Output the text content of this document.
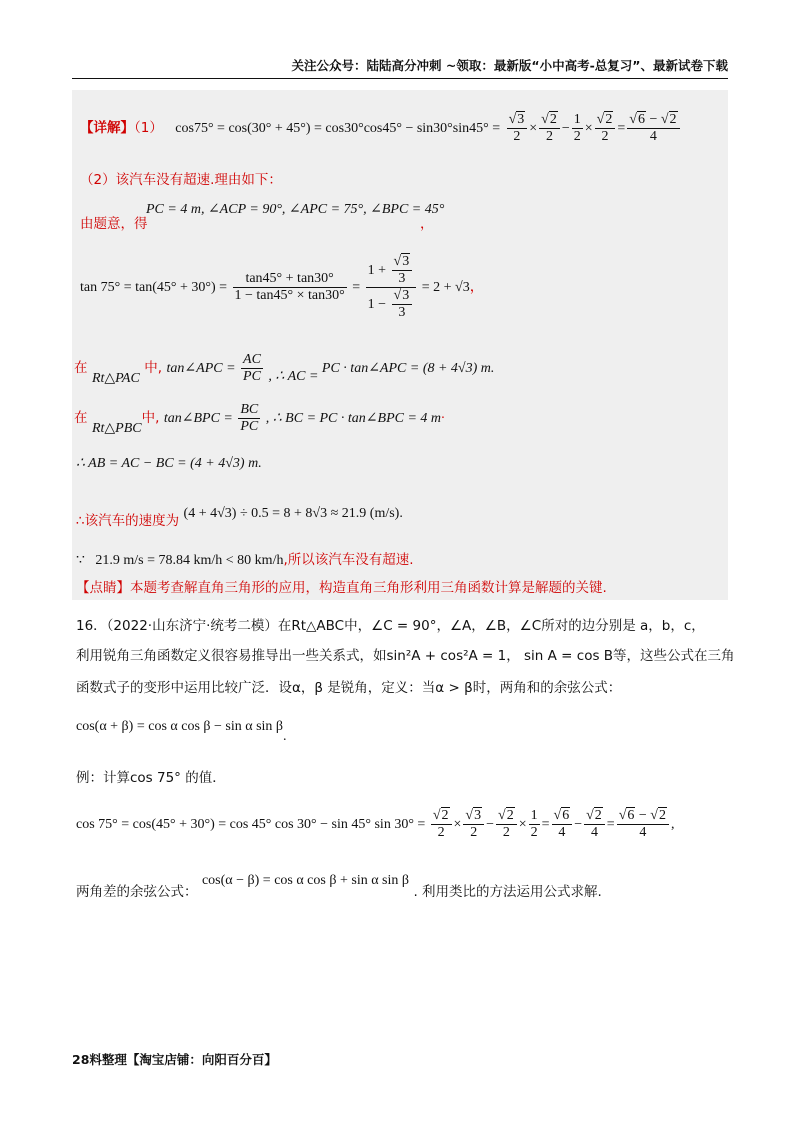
关注公众号：陆陆高分冲刺 ~领取：最新版“小中高考-总复习”、最新试卷下载
【详解】（1） $\cos 75^\circ = \cos(30^\circ + 45^\circ) = \cos 30^\circ\cos 45^\circ - \sin 30^\circ\sin 45^\circ = \frac{√3}{2} \times \frac{√2}{2} - \frac{1}{2} \times \frac{√2}{2} = \frac{√6 - √2}{4}$
（2）该汽车没有超速.理由如下：
PC = 4 m, ∠ACP = 90°, ∠APC = 75°, ∠BPC = 45°
由题意，得	，
$\tan 75^\circ = \tan(45^\circ + 30^\circ) = \frac{\tan 45^\circ + \tan 30^\circ}{1 - \tan 45^\circ \times \tan 30^\circ} = \frac{1 + \frac{√3}{3}}{1 - \frac{√3}{3}} = 2 + √3$，
在 Rt△PAC 中, tan∠APC = $\frac{AC}{PC}$ , ∴ AC = PC · tan∠APC = (8 + 4√3) m.
在 Rt△PBC中, tan∠BPC = $\frac{BC}{PC}$ , ∴ BC = PC · tan∠BPC = 4 m·
∴ AB = AC − BC = (4 + 4√3) m.
∴该汽车的速度为 (4 + 4√3) ÷ 0.5 = 8 + 8√3 ≈ 21.9 (m/s).
∵ 21.9 m/s = 78.84 km/h < 80 km/h,所以该汽车没有超速.
【点睛】本题考查解直角三角形的应用，构造直角三角形利用三角函数计算是解题的关键.
16．（2022·山东济宁·统考二模）在Rt△ABC中，∠C = 90°，∠A，∠B，∠C所对的边分别是 a，b，c，
利用锐角三角函数定义很容易推导出一些关系式，如sin²A + cos²A = 1， sin A = cos B等，这些公式在三角
函数式子的变形中运用比较广泛．设α，β 是锐角，定义：当α > β时，两角和的余弦公式：
cos(α + β) = cos α cos β − sin α sin β.
例：计算cos 75° 的值．
cos 75° = cos(45° + 30°) = cos 45° cos 30° − sin 45° $\sin 30^\circ = \frac{√2}{2} \times \frac{√3}{2} - \frac{√2}{2} \times \frac{1}{2} = \frac{√6}{4} - \frac{√2}{4} = \frac{√6 - √2}{4}$ ,
两角差的余弦公式： cos(α − β) = cos α cos β + sin α sin β . 利用类比的方法运用公式求解.
28料整理【淘宝店铺：向阳百分百】
